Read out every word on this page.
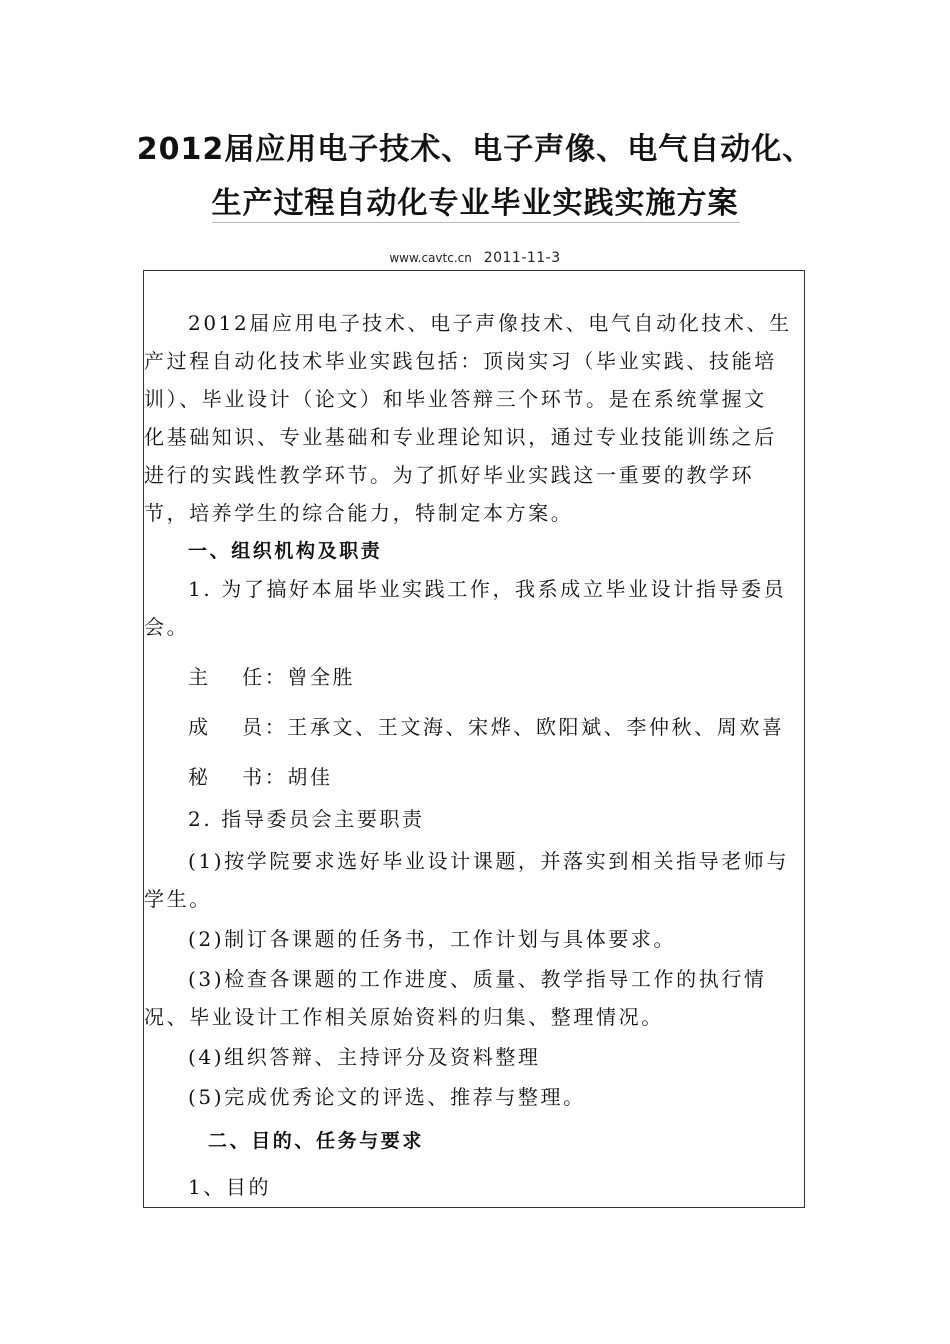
2012届应用电子技术、电子声像、电气自动化、
生产过程自动化专业毕业实践实施方案
www.cavtc.cn 2011-11-3
2012届应用电子技术、电子声像技术、电气自动化技术、生
产过程自动化技术毕业实践包括：顶岗实习（毕业实践、技能培
训）、毕业设计（论文）和毕业答辩三个环节。是在系统掌握文
化基础知识、专业基础和专业理论知识，通过专业技能训练之后
进行的实践性教学环节。为了抓好毕业实践这一重要的教学环
节，培养学生的综合能力，特制定本方案。
一、组织机构及职责
1. 为了搞好本届毕业实践工作，我系成立毕业设计指导委员
会。
主　 任：曾全胜
成　 员：王承文、王文海、宋烨、欧阳斌、李仲秋、周欢喜
秘　 书：胡佳
2. 指导委员会主要职责
(1)按学院要求选好毕业设计课题，并落实到相关指导老师与
学生。
(2)制订各课题的任务书，工作计划与具体要求。
(3)检查各课题的工作进度、质量、教学指导工作的执行情
况、毕业设计工作相关原始资料的归集、整理情况。
(4)组织答辩、主持评分及资料整理
(5)完成优秀论文的评选、推荐与整理。
二、目的、任务与要求
1、目的
